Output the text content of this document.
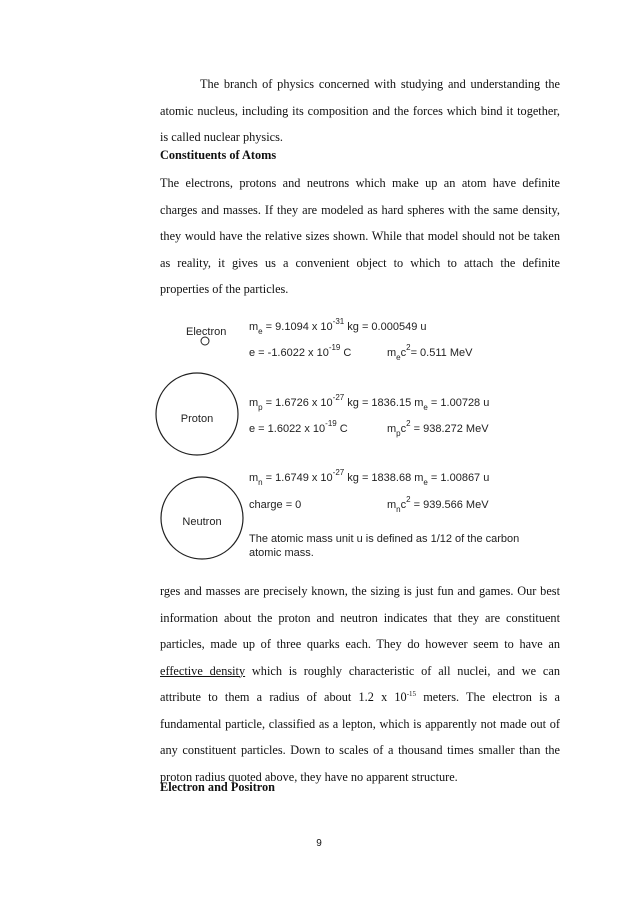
The branch of physics concerned with studying and understanding the atomic nucleus, including its composition and the forces which bind it together, is called nuclear physics.

Constituents of Atoms

The electrons, protons and neutrons which make up an atom have definite charges and masses. If they are modeled as hard spheres with the same density, they would have the relative sizes shown. While that model should not be taken as reality, it gives us a convenient object to which to attach the definite properties of the particles.

Electron $m_e = 9.1094$ x $10^{-31}$ kg = 0.000549 u
e = -1.6022 x $10^{-19}$ C	$m_ec^2= 0.511$ MeV
Proton
$m_p = 1.6726$ x $10^{-27}$ kg = 1836.15 $m_e = 1.00728$ u
e = 1.6022 x $10^{-19}$ C	$m_pc^2 = 938.272$ MeV
Neutron
$m_n = 1.6749$ x $10^{-27}$ kg = 1838.68 $m_e = 1.00867$ u
charge = 0	$m_nc^2 = 939.566$ MeV
The atomic mass unit u is defined as 1/12 of the carbon
atomic mass.

rges and masses are precisely known, the sizing is just fun and games. Our best information about the proton and neutron indicates that they are constituent particles, made up of three quarks each. They do however seem to have an effective density which is roughly characteristic of all nuclei, and we can attribute to them a radius of about 1.2 x $10^{-15}$ meters. The electron is a fundamental particle, classified as a lepton, which is apparently not made out of any constituent particles. Down to scales of a thousand times smaller than the proton radius quoted above, they have no apparent structure.

Electron and Positron
9
